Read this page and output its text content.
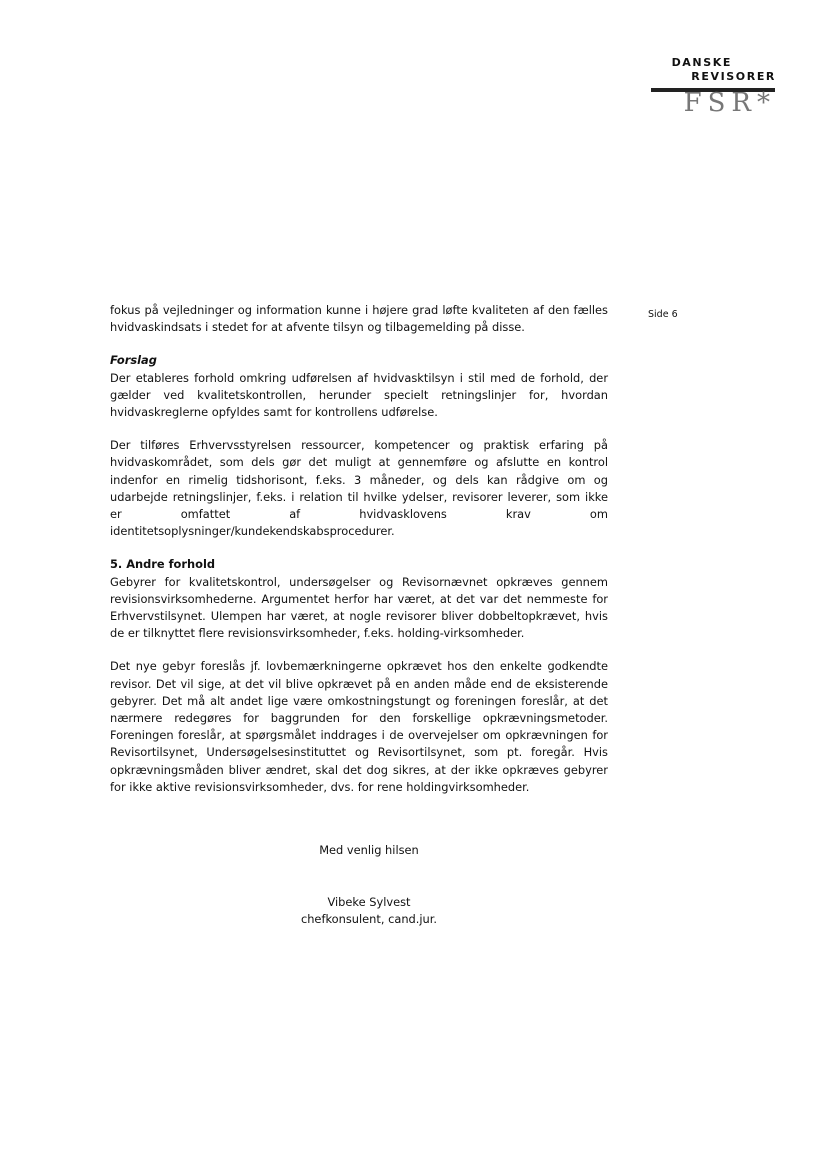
DANSKE
REVISORER
FSR*
Side 6

fokus på vejledninger og information kunne i højere grad løfte kvaliteten af den fælles hvidvaskindsats i stedet for at afvente tilsyn og tilbagemelding på disse.

Forslag

Der etableres forhold omkring udførelsen af hvidvasktilsyn i stil med de forhold, der gælder ved kvalitetskontrollen, herunder specielt retningslinjer for, hvordan hvidvaskreglerne opfyldes samt for kontrollens udførelse.

Der tilføres Erhvervsstyrelsen ressourcer, kompetencer og praktisk erfaring på hvidvaskområdet, som dels gør det muligt at gennemføre og afslutte en kontrol indenfor en rimelig tidshorisont, f.eks. 3 måneder, og dels kan rådgive om og udarbejde retningslinjer, f.eks. i relation til hvilke ydelser, revisorer leverer, som ikke er omfattet af hvidvasklovens krav om identitetsoplysninger/kundekendskabsprocedurer.

5. Andre forhold

Gebyrer for kvalitetskontrol, undersøgelser og Revisornævnet opkræves gennem revisionsvirksomhederne. Argumentet herfor har været, at det var det nemmeste for Erhvervstilsynet. Ulempen har været, at nogle revisorer bliver dobbeltopkrævet, hvis de er tilknyttet flere revisionsvirksomheder, f.eks. holding-virksomheder.

Det nye gebyr foreslås jf. lovbemærkningerne opkrævet hos den enkelte godkendte revisor. Det vil sige, at det vil blive opkrævet på en anden måde end de eksisterende gebyrer. Det må alt andet lige være omkostningstungt og foreningen foreslår, at det nærmere redegøres for baggrunden for den forskellige opkrævningsmetoder. Foreningen foreslår, at spørgsmålet inddrages i de overvejelser om opkrævningen for Revisortilsynet, Undersøgelsesinstituttet og Revisortilsynet, som pt. foregår. Hvis opkrævningsmåden bliver ændret, skal det dog sikres, at der ikke opkræves gebyrer for ikke aktive revisionsvirksomheder, dvs. for rene holdingvirksomheder.

Med venlig hilsen
Vibeke Sylvest
chefkonsulent, cand.jur.
